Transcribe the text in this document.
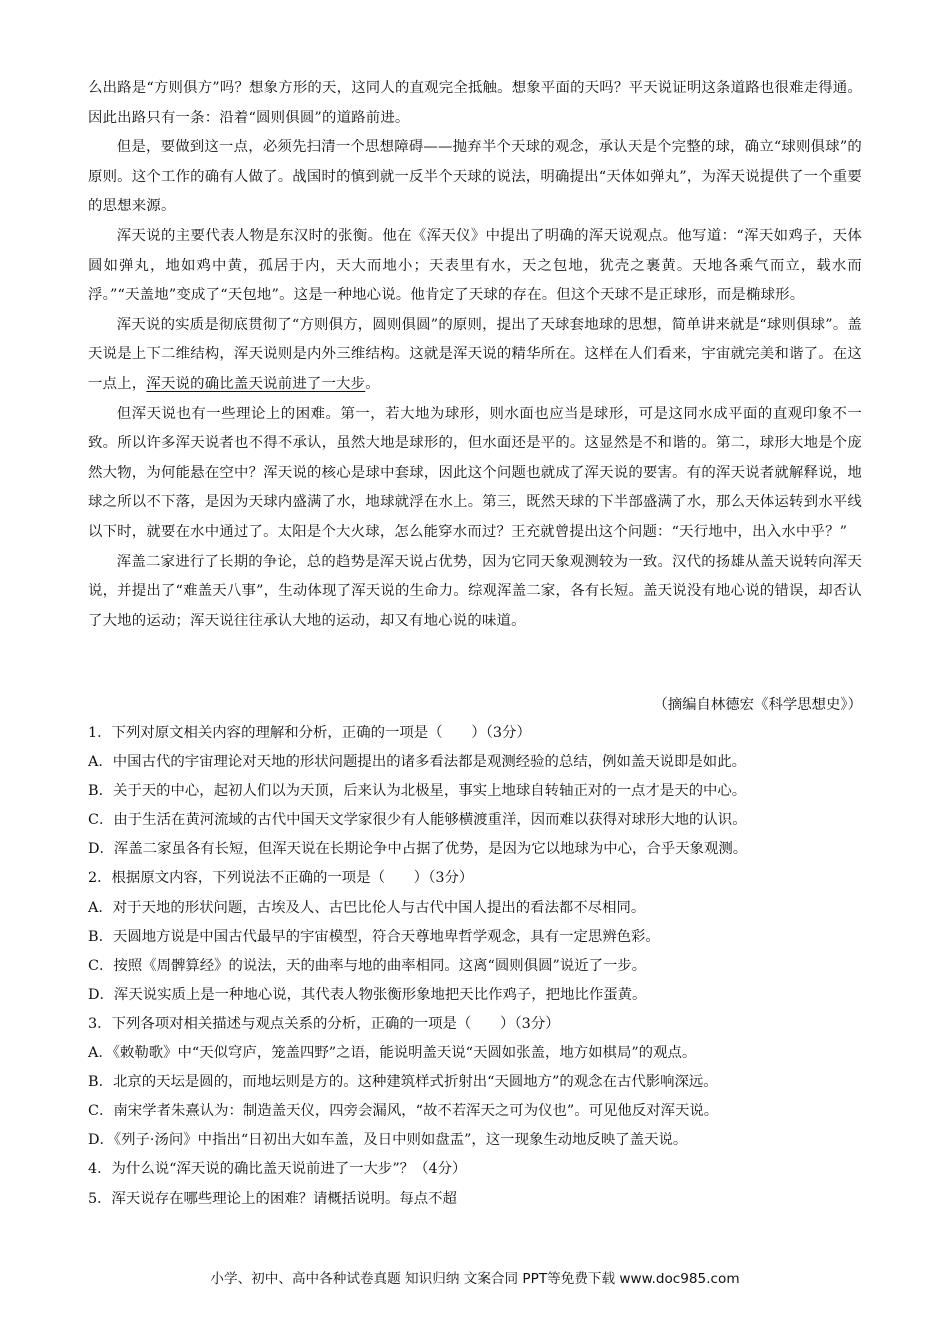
么出路是“方则俱方”吗？想象方形的天，这同人的直观完全抵触。想象平面的天吗？平天说证明这条道路也很难走得通。因此出路只有一条：沿着“圆则俱圆”的道路前进。

但是，要做到这一点，必须先扫清一个思想障碍——抛弃半个天球的观念，承认天是个完整的球，确立“球则俱球”的原则。这个工作的确有人做了。战国时的慎到就一反半个天球的说法，明确提出“天体如弹丸”，为浑天说提供了一个重要的思想来源。

浑天说的主要代表人物是东汉时的张衡。他在《浑天仪》中提出了明确的浑天说观点。他写道：“浑天如鸡子，天体圆如弹丸，地如鸡中黄，孤居于内，天大而地小；天表里有水，天之包地，犹壳之裹黄。天地各乘气而立，载水而浮。”“天盖地”变成了“天包地”。这是一种地心说。他肯定了天球的存在。但这个天球不是正球形，而是椭球形。

浑天说的实质是彻底贯彻了“方则俱方，圆则俱圆”的原则，提出了天球套地球的思想，简单讲来就是“球则俱球”。盖天说是上下二维结构，浑天说则是内外三维结构。这就是浑天说的精华所在。这样在人们看来，宇宙就完美和谐了。在这一点上，浑天说的确比盖天说前进了一大步。

但浑天说也有一些理论上的困难。第一，若大地为球形，则水面也应当是球形，可是这同水成平面的直观印象不一致。所以许多浑天说者也不得不承认，虽然大地是球形的，但水面还是平的。这显然是不和谐的。第二，球形大地是个庞然大物，为何能悬在空中？浑天说的核心是球中套球，因此这个问题也就成了浑天说的要害。有的浑天说者就解释说，地球之所以不下落，是因为天球内盛满了水，地球就浮在水上。第三，既然天球的下半部盛满了水，那么天体运转到水平线以下时，就要在水中通过了。太阳是个大火球，怎么能穿水而过？王充就曾提出这个问题：“天行地中，出入水中乎？”

浑盖二家进行了长期的争论，总的趋势是浑天说占优势，因为它同天象观测较为一致。汉代的扬雄从盖天说转向浑天说，并提出了“难盖天八事”，生动体现了浑天说的生命力。综观浑盖二家，各有长短。盖天说没有地心说的错误，却否认了大地的运动；浑天说往往承认大地的运动，却又有地心说的味道。

（摘编自林德宏《科学思想史》）
1．下列对原文相关内容的理解和分析，正确的一项是（　　）（3分）
A．中国古代的宇宙理论对天地的形状问题提出的诸多看法都是观测经验的总结，例如盖天说即是如此。
B．关于天的中心，起初人们以为天顶，后来认为北极星，事实上地球自转轴正对的一点才是天的中心。
C．由于生活在黄河流域的古代中国天文学家很少有人能够横渡重洋，因而难以获得对球形大地的认识。
D．浑盖二家虽各有长短，但浑天说在长期论争中占据了优势，是因为它以地球为中心，合乎天象观测。
2．根据原文内容，下列说法不正确的一项是（　　）（3分）
A．对于天地的形状问题，古埃及人、古巴比伦人与古代中国人提出的看法都不尽相同。
B．天圆地方说是中国古代最早的宇宙模型，符合天尊地卑哲学观念，具有一定思辨色彩。
C．按照《周髀算经》的说法，天的曲率与地的曲率相同。这离“圆则俱圆”说近了一步。
D．浑天说实质上是一种地心说，其代表人物张衡形象地把天比作鸡子，把地比作蛋黄。
3．下列各项对相关描述与观点关系的分析，正确的一项是（　　）（3分）
A．《敕勒歌》中“天似穹庐，笼盖四野”之语，能说明盖天说“天圆如张盖，地方如棋局”的观点。
B．北京的天坛是圆的，而地坛则是方的。这种建筑样式折射出“天圆地方”的观念在古代影响深远。
C．南宋学者朱熹认为：制造盖天仪，四旁会漏风，“故不若浑天之可为仪也”。可见他反对浑天说。
D．《列子·汤问》中指出“日初出大如车盖，及日中则如盘盂”，这一现象生动地反映了盖天说。
4．为什么说“浑天说的确比盖天说前进了一大步”？（4分）
5．浑天说存在哪些理论上的困难？请概括说明。每点不超
小学、初中、高中各种试卷真题 知识归纳 文案合同 PPT等免费下载 www.doc985.com
